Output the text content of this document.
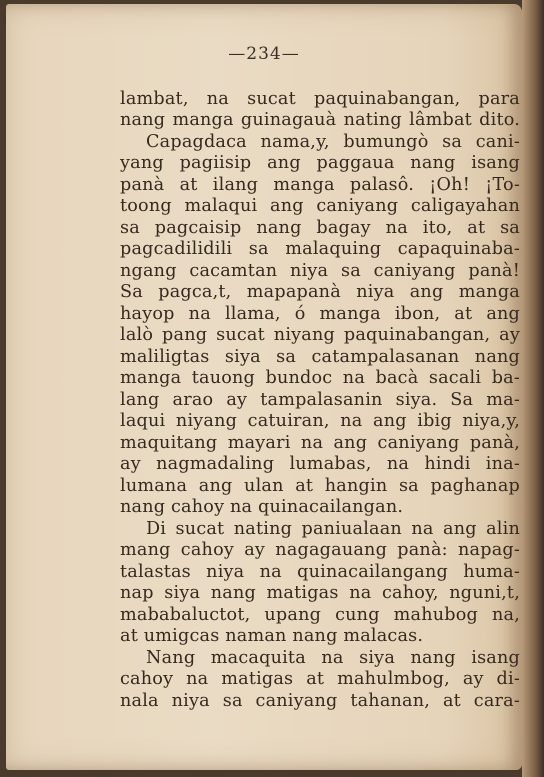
—234—
lambat, na sucat paquinabangan, para
nang manga guinagauà nating lâmbat dito.
Capagdaca nama,y, bumungò sa cani-
yang pagiisip ang paggaua nang isang
panà at ilang manga palasô. ¡Oh! ¡To-
toong malaqui ang caniyang caligayahan
sa pagcaisip nang bagay na ito, at sa
pagcadilidili sa malaquing capaquinaba-
ngang cacamtan niya sa caniyang panà!
Sa pagca,t, mapapanà niya ang manga
hayop na llama, ó manga ibon, at ang
lalò pang sucat niyang paquinabangan, ay
maliligtas siya sa catampalasanan nang
manga tauong bundoc na bacà sacali ba-
lang arao ay tampalasanin siya. Sa ma-
laqui niyang catuiran, na ang ibig niya,y,
maquitang mayari na ang caniyang panà,
ay nagmadaling lumabas, na hindi ina-
lumana ang ulan at hangin sa paghanap
nang cahoy na quinacailangan.
Di sucat nating paniualaan na ang alin
mang cahoy ay nagagauang panà: napag-
talastas niya na quinacailangang huma-
nap siya nang matigas na cahoy, nguni,t,
mababaluctot, upang cung mahubog na,
at umigcas naman nang malacas.
Nang macaquita na siya nang isang
cahoy na matigas at mahulmbog, ay di-
nala niya sa caniyang tahanan, at cara-
